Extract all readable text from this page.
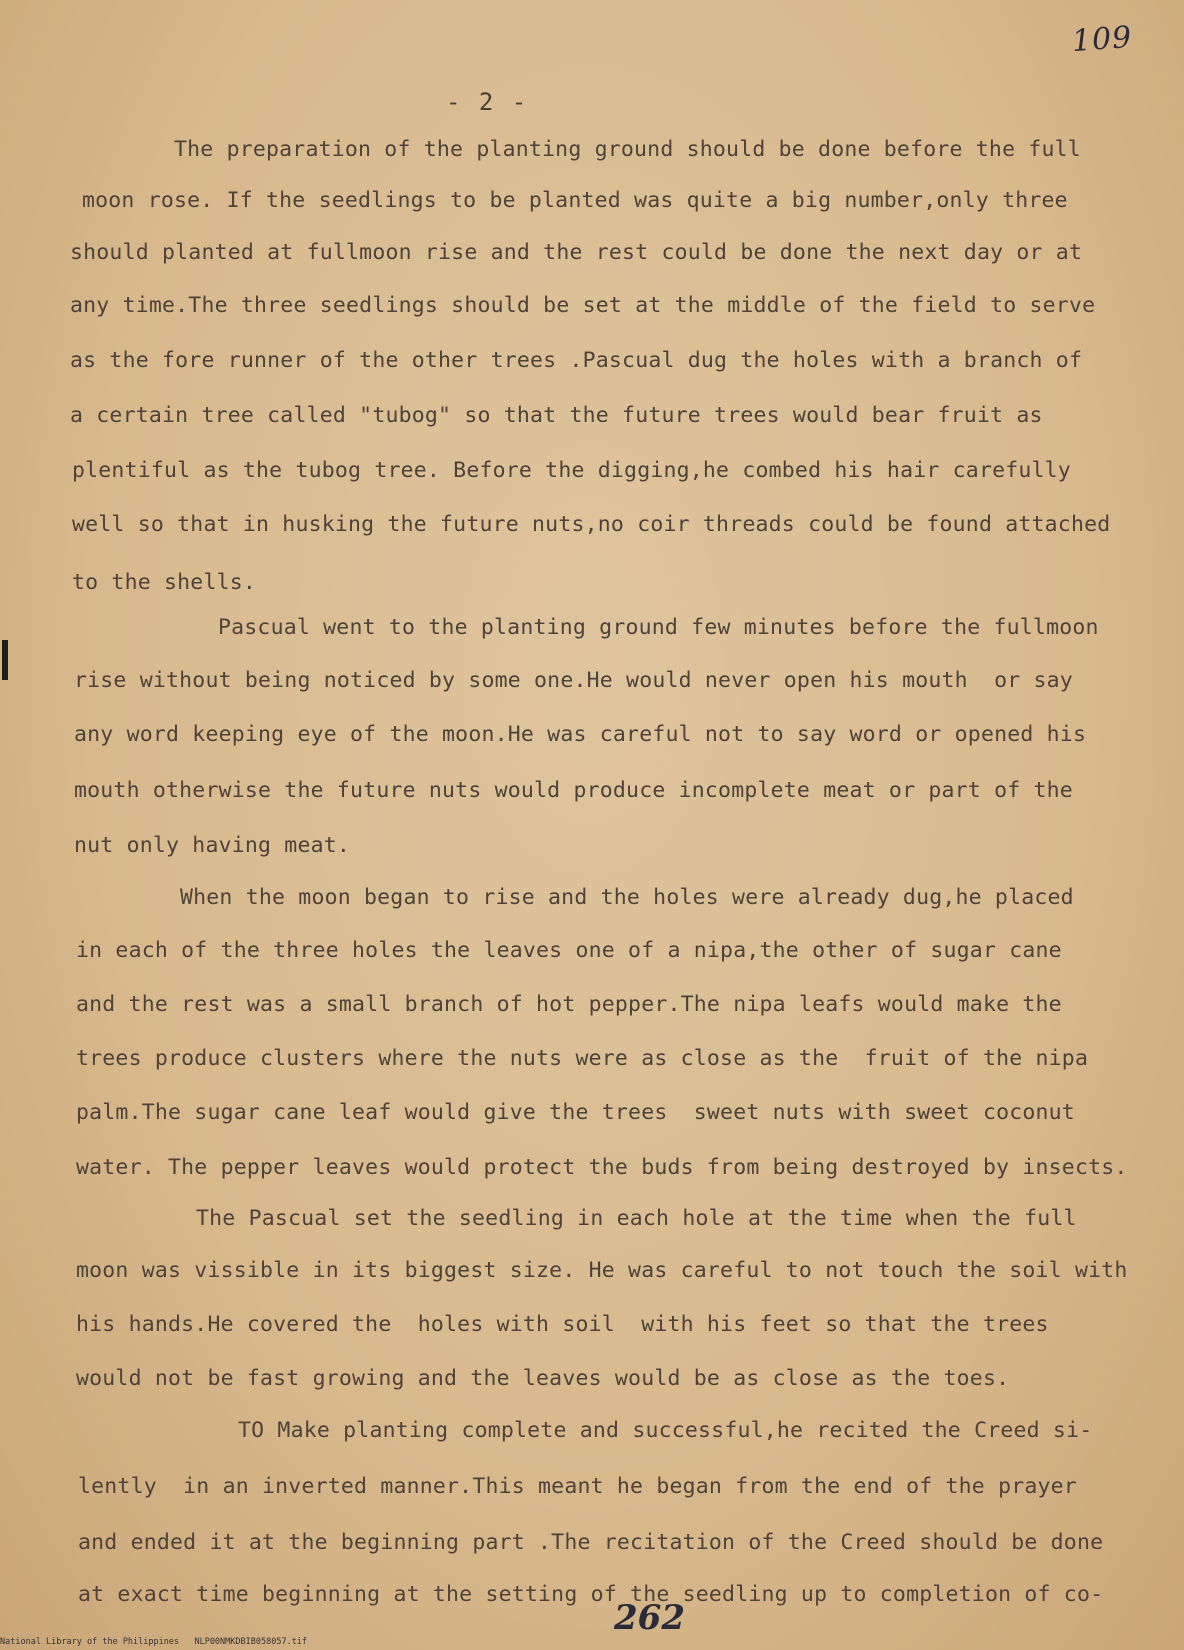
109
- 2 -
The preparation of the planting ground should be done before the full
moon rose. If the seedlings to be planted was quite a big number,only three
should planted at fullmoon rise and the rest could be done the next day or at
any time.The three seedlings should be set at the middle of the field to serve
as the fore runner of the other trees .Pascual dug the holes with a branch of
a certain tree called "tubog" so that the future trees would bear fruit as
plentiful as the tubog tree. Before the digging,he combed his hair carefully
well so that in husking the future nuts,no coir threads could be found attached
to the shells.
Pascual went to the planting ground few minutes before the fullmoon
rise without being noticed by some one.He would never open his mouth  or say
any word keeping eye of the moon.He was careful not to say word or opened his
mouth otherwise the future nuts would produce incomplete meat or part of the
nut only having meat.
When the moon began to rise and the holes were already dug,he placed
in each of the three holes the leaves one of a nipa,the other of sugar cane
and the rest was a small branch of hot pepper.The nipa leafs would make the
trees produce clusters where the nuts were as close as the  fruit of the nipa
palm.The sugar cane leaf would give the trees  sweet nuts with sweet coconut
water. The pepper leaves would protect the buds from being destroyed by insects.
The Pascual set the seedling in each hole at the time when the full
moon was vissible in its biggest size. He was careful to not touch the soil with
his hands.He covered the  holes with soil  with his feet so that the trees
would not be fast growing and the leaves would be as close as the toes.
TO Make planting complete and successful,he recited the Creed si-
lently  in an inverted manner.This meant he began from the end of the prayer
and ended it at the beginning part .The recitation of the Creed should be done
at exact time beginning at the setting of the seedling up to completion of co-
262
National Library of the Philippines   NLP00NMKDBIB058057.tif
